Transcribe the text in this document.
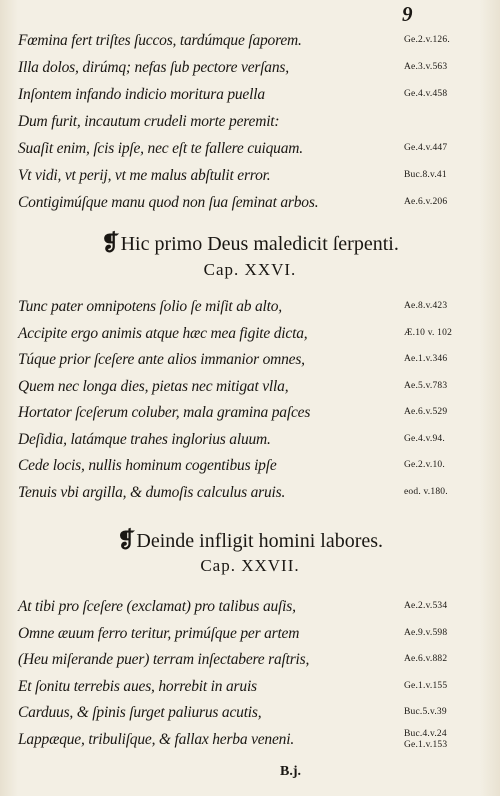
9
Fœmina fert triſtes ſuccos, tardúmque ſaporem.	Ge.2.v.126.
Illa dolos, dirúmq; nefas ſub pectore verſans,	Ae.3.v.563
Inſontem infando indicio moritura puella	Ge.4.v.458
Dum furit, incautum crudeli morte peremit:
Suaſit enim, ſcis ipſe, nec eſt te fallere cuiquam.	Ge.4.v.447
Vt vidi, vt perij, vt me malus abſtulit error.	Buc.8.v.41
Contigimúſque manu quod non ſua ſeminat arbos.	Ae.6.v.206
❡Hic primo Deus maledicit ſerpenti.
Cap. XXVI.
Tunc pater omnipotens ſolio ſe miſit ab alto,	Ae.8.v.423
Accipite ergo animis atque hæc mea figite dicta,	Æ.10 v. 102
Túque prior ſceſere ante alios immanior omnes,	Ae.1.v.346
Quem nec longa dies, pietas nec mitigat vlla,	Ae.5.v.783
Hortator ſceſerum coluber, mala gramina paſces	Ae.6.v.529
Deſidia, latámque trahes inglorius aluum.	Ge.4.v.94.
Cede locis, nullis hominum cogentibus ipſe	Ge.2.v.10.
Tenuis vbi argilla, & dumoſis calculus aruis.	eod. v.180.
❡Deinde infligit homini labores.
Cap. XXVII.
At tibi pro ſceſere (exclamat) pro talibus auſis,	Ae.2.v.534
Omne æuum ferro teritur, primúſque per artem	Ae.9.v.598
(Heu miſerande puer) terram inſectabere raſtris,	Ae.6.v.882
Et ſonitu terrebis aues, horrebit in aruis	Ge.1.v.155
Carduus, & ſpinis ſurget paliurus acutis,	Buc.5.v.39
Lappæque, tribuliſque, & fallax herba veneni.	Buc.4.v.24
Ge.1.v.153
B.j.
